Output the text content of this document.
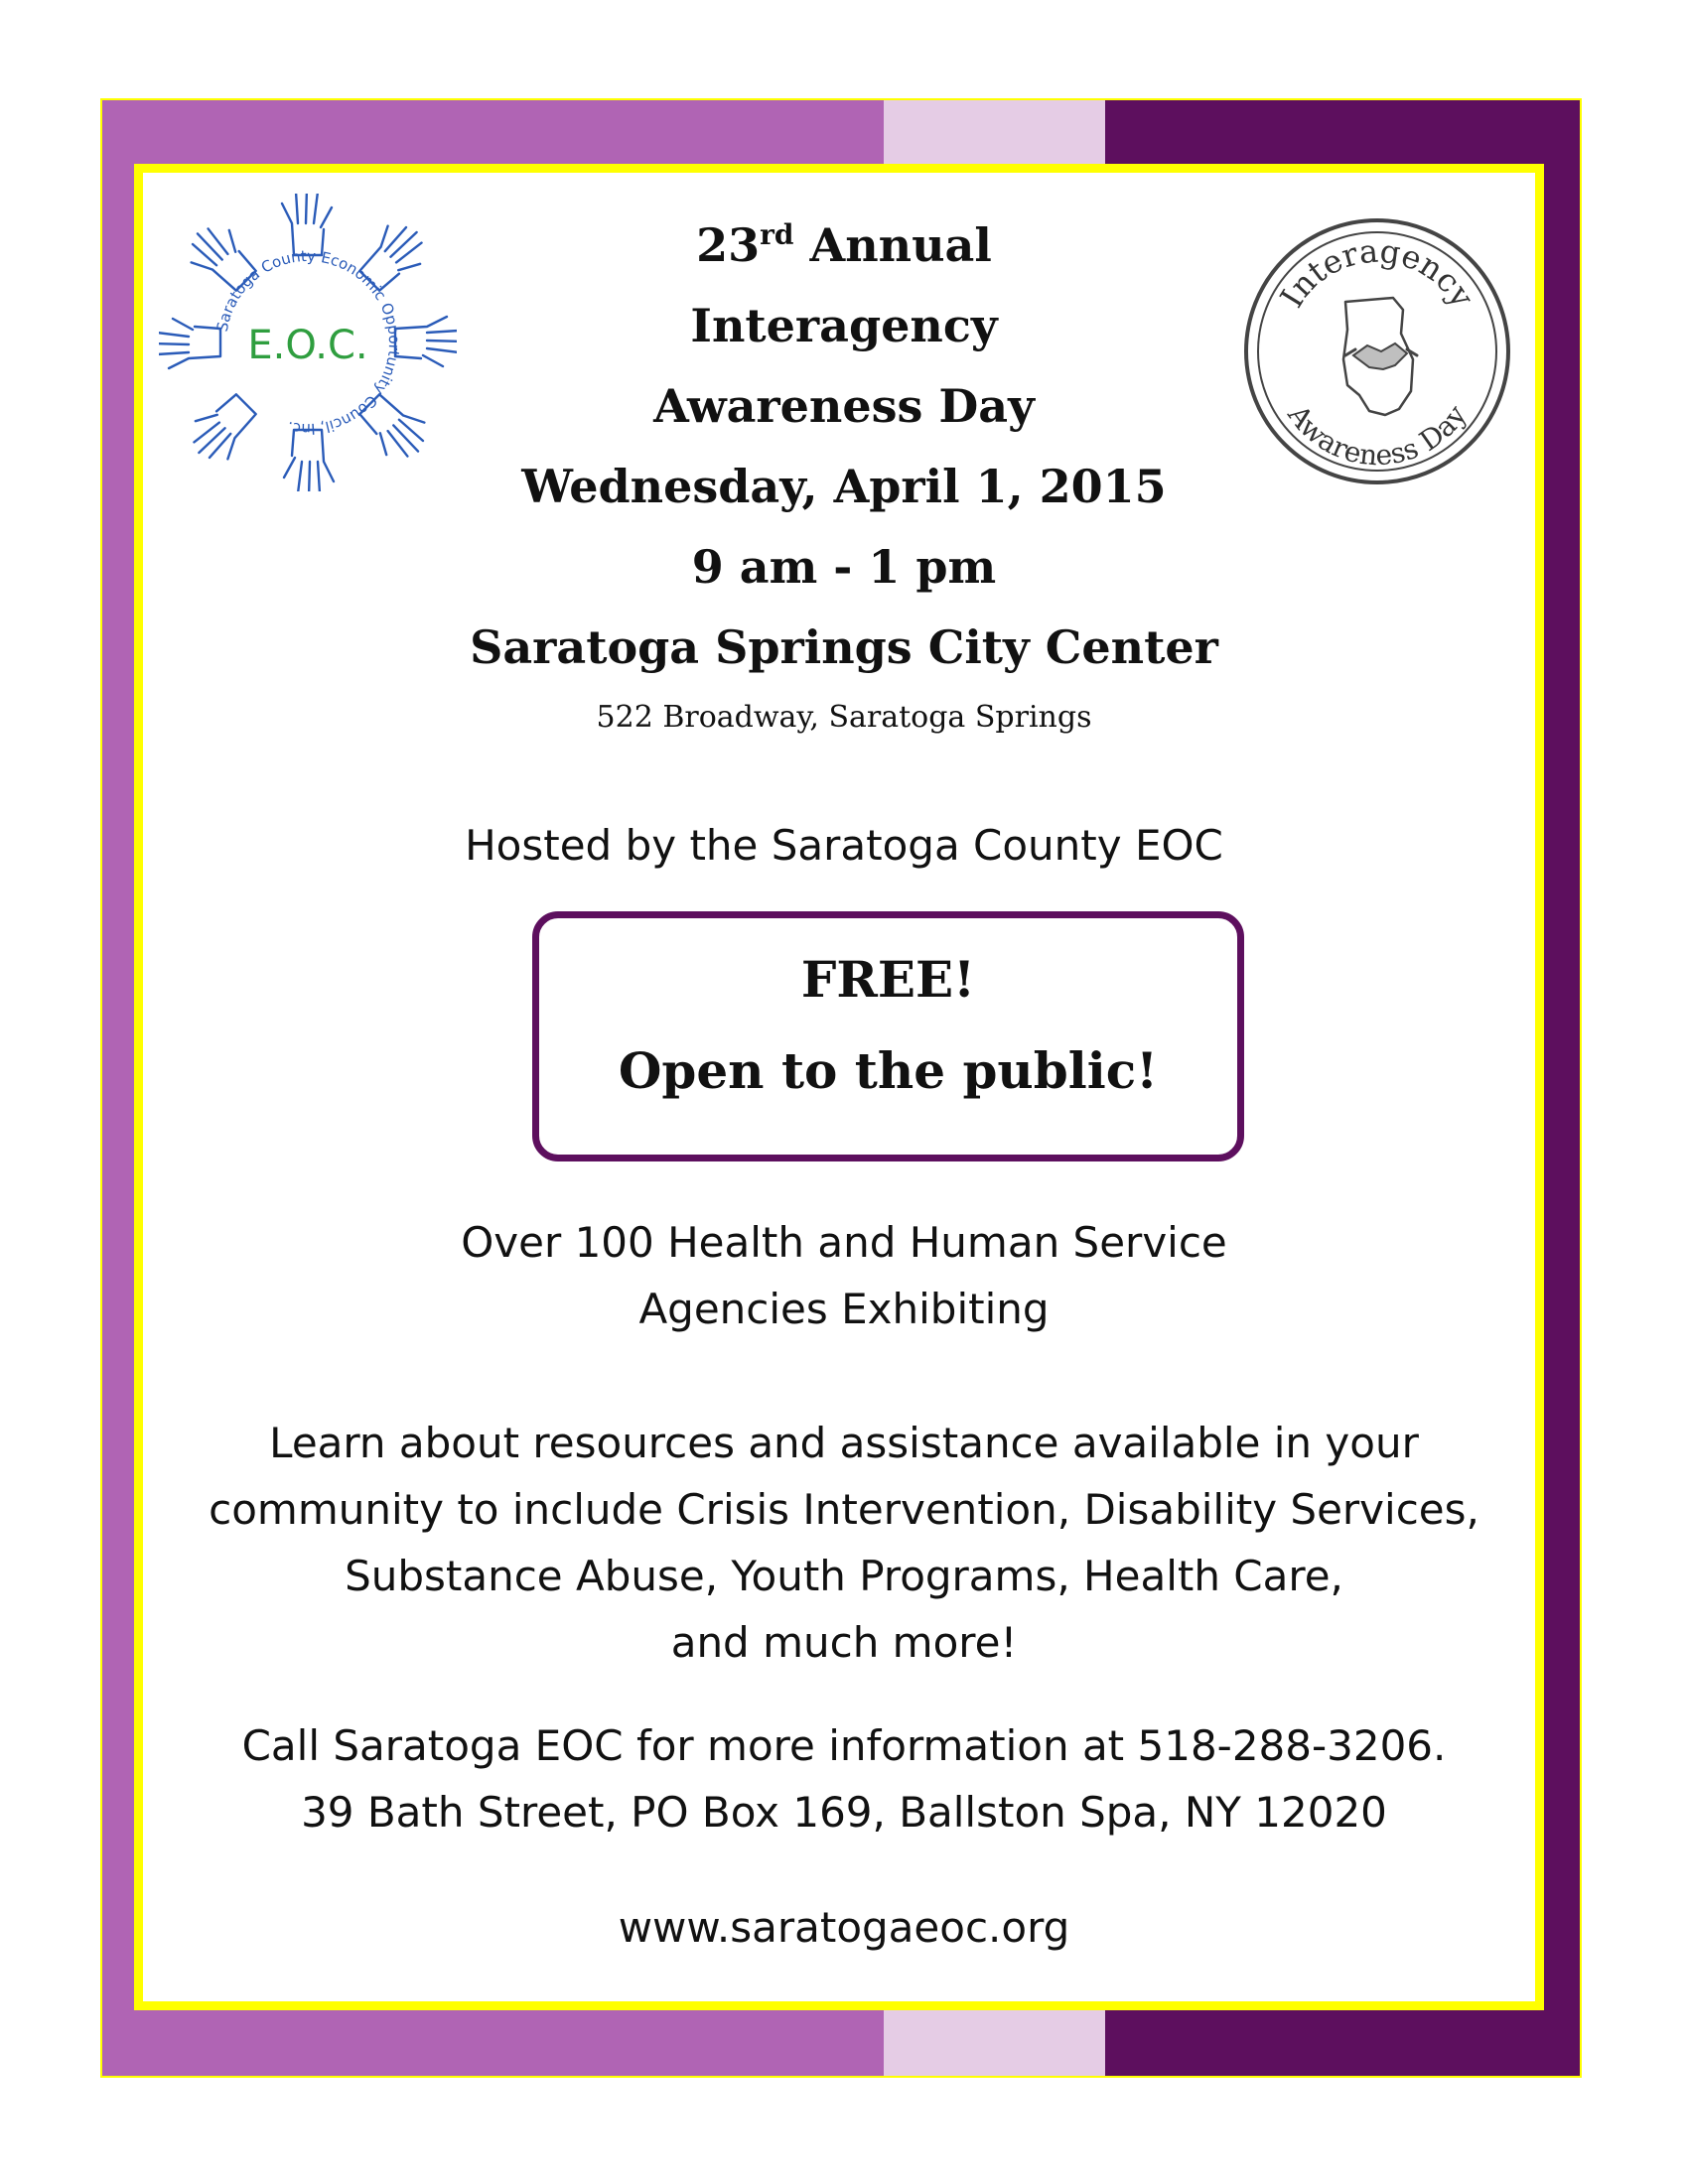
Saratoga County Economic Opportunity Council, Inc.
E.O.C.
Interagency
Awareness Day
23rd Annual
Interagency
Awareness Day
Wednesday, April 1, 2015
9 am - 1 pm
Saratoga Springs City Center
522 Broadway, Saratoga Springs
Hosted by the Saratoga County EOC
FREE!
Open to the public!
Over 100 Health and Human Service
Agencies Exhibiting
Learn about resources and assistance available in your
community to include Crisis Intervention, Disability Services,
Substance Abuse, Youth Programs, Health Care,
and much more!
Call Saratoga EOC for more information at 518-288-3206.
39 Bath Street, PO Box 169, Ballston Spa, NY 12020
www.saratogaeoc.org
